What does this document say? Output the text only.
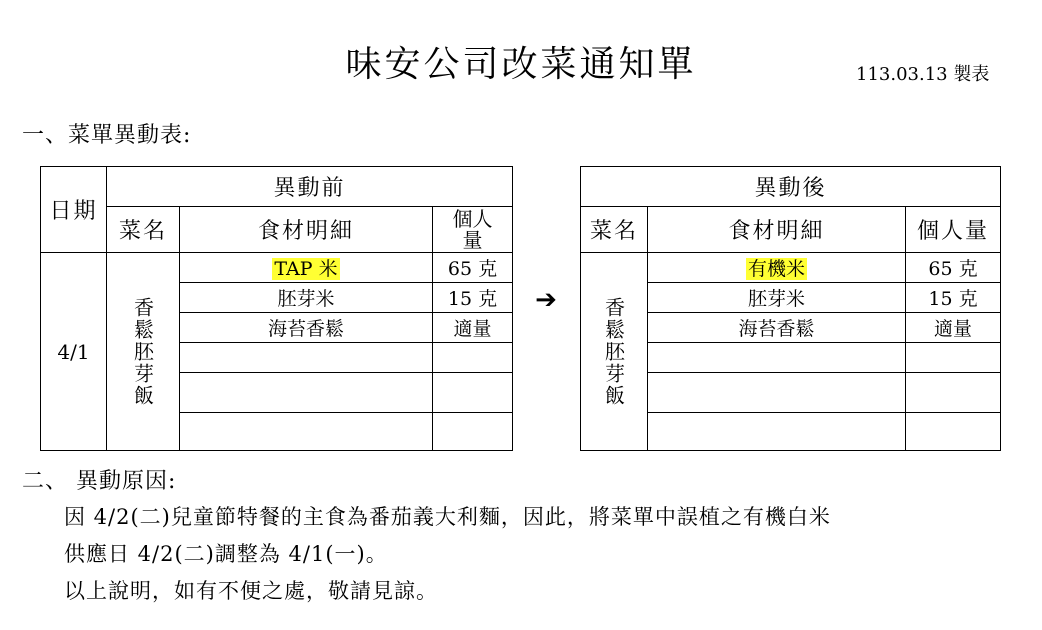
味安公司改菜通知單	113.03.13 製表
一、菜單異動表:
日期	異動前		
	菜名	食材明細	個人
量
4/1	香鬆胚芽飯	TAP 米	65 克
		胚芽米	15 克
		海苔香鬆	適量

➔
異動後		
菜名	食材明細	個人量

香鬆胚芽飯	有機米	65 克
	胚芽米	15 克
	海苔香鬆	適量

二、 異動原因:
因 4/2(二)兒童節特餐的主食為番茄義大利麵，因此，將菜單中誤植之有機白米
供應日 4/2(二)調整為 4/1(一)。
以上說明，如有不便之處，敬請見諒。
